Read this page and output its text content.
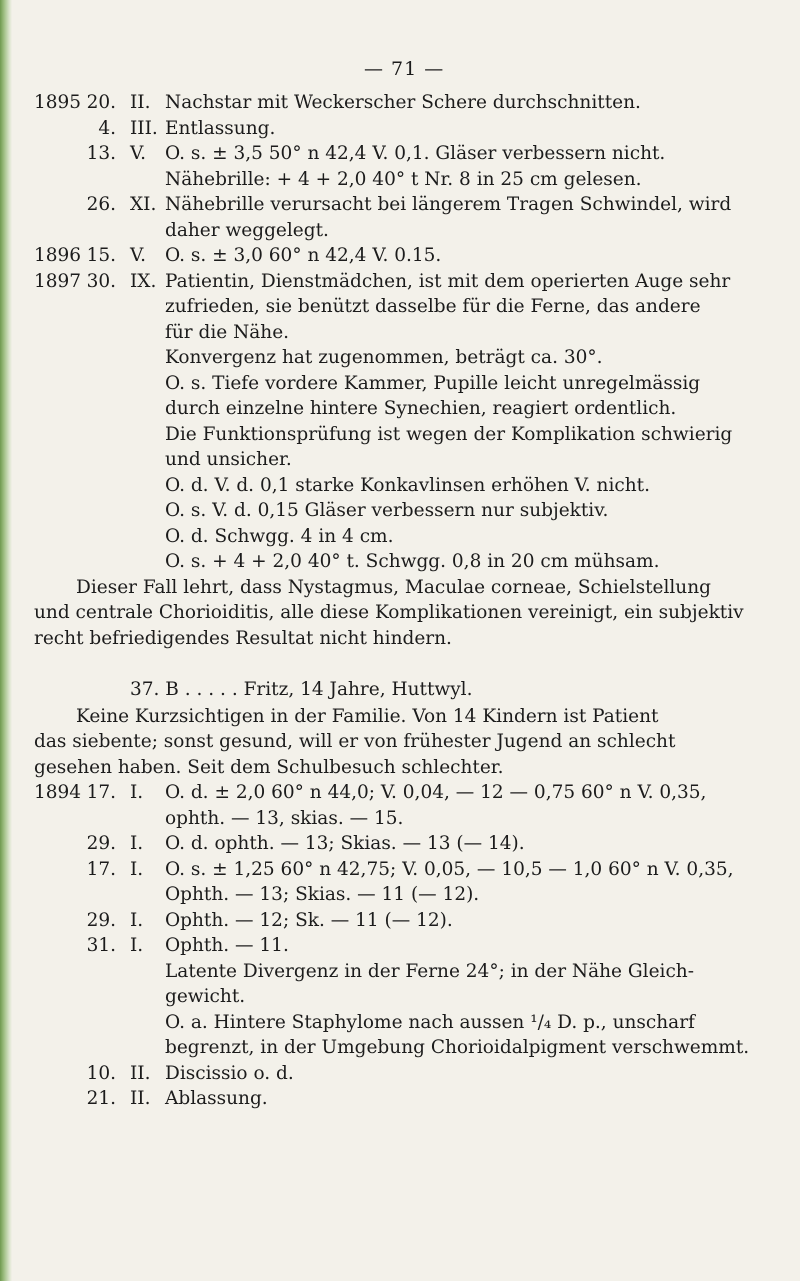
— 71 —
1895 20. II. Nachstar mit Weckerscher Schere durchschnitten.
4. III. Entlassung.
13. V.	O. s. ± 3,5 50° n 42,4 V. 0,1. Gläser verbessern nicht.
Nähebrille: + 4 + 2,0 40° t Nr. 8 in 25 cm gelesen.
26. XI. Nähebrille verursacht bei längerem Tragen Schwindel, wird
daher weggelegt.
1896 15. V.	O. s. ± 3,0 60° n 42,4 V. 0.15.
1897 30. IX. Patientin, Dienstmädchen, ist mit dem operierten Auge sehr
zufrieden, sie benützt dasselbe für die Ferne, das andere
für die Nähe.
Konvergenz hat zugenommen, beträgt ca. 30°.
O. s. Tiefe vordere Kammer, Pupille leicht unregelmässig
durch einzelne hintere Synechien, reagiert ordentlich.
Die Funktionsprüfung ist wegen der Komplikation schwierig
und unsicher.
O. d. V. d. 0,1 starke Konkavlinsen erhöhen V. nicht.
O. s. V. d. 0,15 Gläser verbessern nur subjektiv.
O. d. Schwgg. 4 in 4 cm.
O. s. + 4 + 2,0 40° t. Schwgg. 0,8 in 20 cm mühsam.
Dieser Fall lehrt, dass Nystagmus, Maculae corneae, Schielstellung
und centrale Chorioiditis, alle diese Komplikationen vereinigt, ein subjektiv
recht befriedigendes Resultat nicht hindern.
37. B . . . . . Fritz, 14 Jahre, Huttwyl.
Keine Kurzsichtigen in der Familie. Von 14 Kindern ist Patient
das siebente; sonst gesund, will er von frühester Jugend an schlecht
gesehen haben. Seit dem Schulbesuch schlechter.
1894 17. I.	O. d. ± 2,0 60° n 44,0; V. 0,04, — 12 — 0,75 60° n V. 0,35,
ophth. — 13, skias. — 15.
29. I.	O. d. ophth. — 13; Skias. — 13 (— 14).
17. I.	O. s. ± 1,25 60° n 42,75; V. 0,05, — 10,5 — 1,0 60° n V. 0,35,
Ophth. — 13; Skias. — 11 (— 12).
29. I.	Ophth. — 12; Sk. — 11 (— 12).
31. I.	Ophth. — 11.
Latente Divergenz in der Ferne 24°; in der Nähe Gleich-
gewicht.
O. a. Hintere Staphylome nach aussen ¹/₄ D. p., unscharf
begrenzt, in der Umgebung Chorioidalpigment verschwemmt.
10. II. Discissio o. d.
21. II. Ablassung.
